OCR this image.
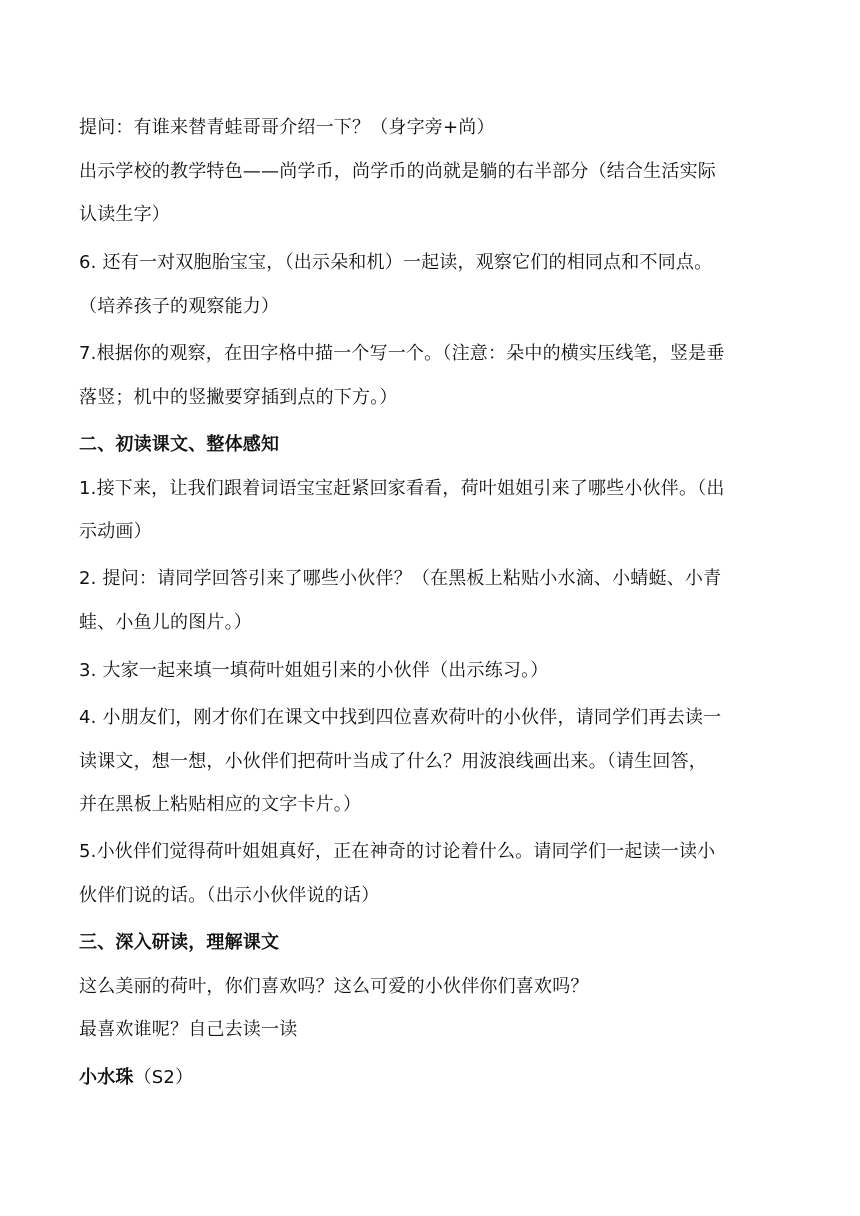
提问：有谁来替青蛙哥哥介绍一下？（身字旁+尚）
出示学校的教学特色——尚学币，尚学币的尚就是躺的右半部分（结合生活实际
认读生字）
6. 还有一对双胞胎宝宝，（出示朵和机）一起读，观察它们的相同点和不同点。
（培养孩子的观察能力）
7.根据你的观察，在田字格中描一个写一个。（注意：朵中的横实压线笔，竖是垂
落竖；机中的竖撇要穿插到点的下方。）
二、初读课文、整体感知
1.接下来，让我们跟着词语宝宝赶紧回家看看，荷叶姐姐引来了哪些小伙伴。（出
示动画）
2. 提问：请同学回答引来了哪些小伙伴？（在黑板上粘贴小水滴、小蜻蜓、小青
蛙、小鱼儿的图片。）
3. 大家一起来填一填荷叶姐姐引来的小伙伴（出示练习。）
4. 小朋友们，刚才你们在课文中找到四位喜欢荷叶的小伙伴，请同学们再去读一
读课文，想一想，小伙伴们把荷叶当成了什么？用波浪线画出来。（请生回答，
并在黑板上粘贴相应的文字卡片。）
5.小伙伴们觉得荷叶姐姐真好，正在神奇的讨论着什么。请同学们一起读一读小
伙伴们说的话。（出示小伙伴说的话）
三、深入研读，理解课文
这么美丽的荷叶，你们喜欢吗？这么可爱的小伙伴你们喜欢吗？
最喜欢谁呢？自己去读一读
小水珠（S2）
